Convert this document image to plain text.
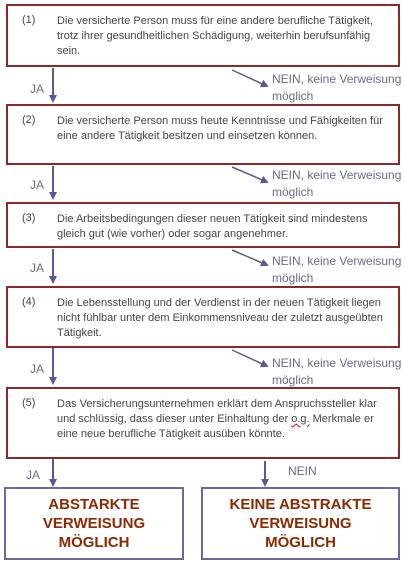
(1) Die versicherte Person muss für eine andere berufliche Tätigkeit, trotz ihrer gesundheitlichen Schädigung, weiterhin berufsunfähig sein.
(2) Die versicherte Person muss heute Kenntnisse und Fähigkeiten für eine andere Tätigkeit besitzen und einsetzen können.
(3) Die Arbeitsbedingungen dieser neuen Tätigkeit sind mindestens gleich gut (wie vorher) oder sogar angenehmer.
(4) Die Lebensstellung und der Verdienst in der neuen Tätigkeit liegen nicht fühlbar unter dem Einkommensniveau der zuletzt ausgeübten Tätigkeit.
(5) Das Versicherungsunternehmen erklärt dem Anspruchssteller klar und schlüssig, dass dieser unter Einhaltung der o.g. Merkmale er eine neue berufliche Tätigkeit ausüben könnte.
JA
JA
JA
JA
JA
NEIN, keine Verweisung möglich
NEIN, keine Verweisung möglich
NEIN, keine Verweisung möglich
NEIN, keine Verweisung möglich
NEIN
ABSTARKTE
VERWEISUNG
MÖGLICH
KEINE ABSTRAKTE
VERWEISUNG
MÖGLICH
